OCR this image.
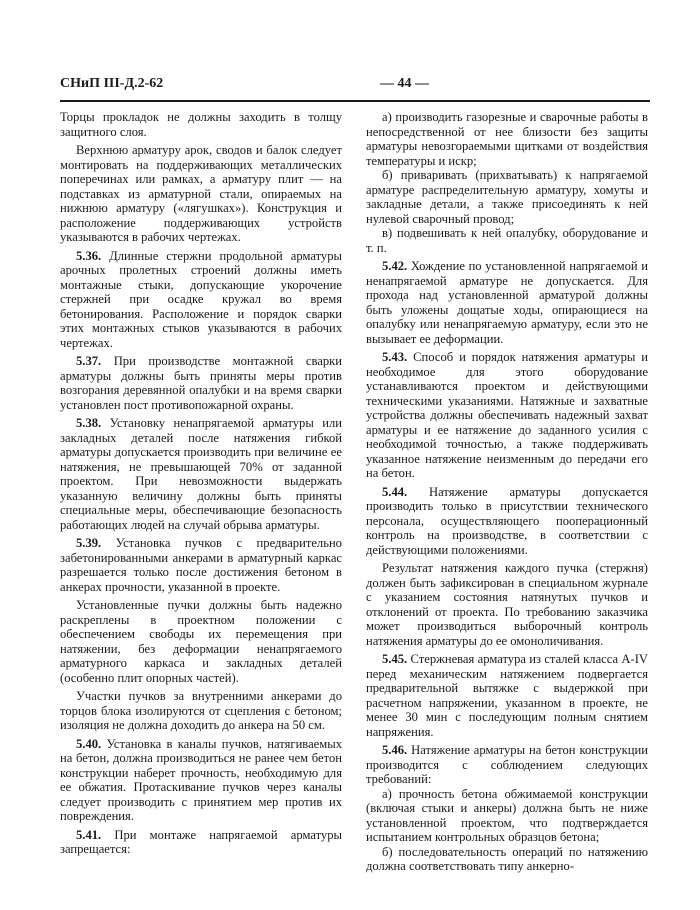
СНиП III-Д.2-62	— 44 —

Торцы прокладок не должны заходить в толщу защитного слоя.

Верхнюю арматуру арок, сводов и балок следует монтировать на поддерживающих металлических поперечинах или рамках, а арматуру плит — на подставках из арматурной стали, опираемых на нижнюю арматуру («лягушках»). Конструкция и расположение поддерживающих устройств указываются в рабочих чертежах.

5.36. Длинные стержни продольной арматуры арочных пролетных строений должны иметь монтажные стыки, допускающие укорочение стержней при осадке кружал во время бетонирования. Расположение и порядок сварки этих монтажных стыков указываются в рабочих чертежах.

5.37. При производстве монтажной сварки арматуры должны быть приняты меры против возгорания деревянной опалубки и на время сварки установлен пост противопожарной охраны.

5.38. Установку ненапрягаемой арматуры или закладных деталей после натяжения гибкой арматуры допускается производить при величине ее натяжения, не превышающей 70% от заданной проектом. При невозможности выдержать указанную величину должны быть приняты специальные меры, обеспечивающие безопасность работающих людей на случай обрыва арматуры.

5.39. Установка пучков с предварительно забетонированными анкерами в арматурный каркас разрешается только после достижения бетоном в анкерах прочности, указанной в проекте.

Установленные пучки должны быть надежно раскреплены в проектном положении с обеспечением свободы их перемещения при натяжении, без деформации ненапрягаемого арматурного каркаса и закладных деталей (особенно плит опорных частей).

Участки пучков за внутренними анкерами до торцов блока изолируются от сцепления с бетоном; изоляция не должна доходить до анкера на 50 см.

5.40. Установка в каналы пучков, натягиваемых на бетон, должна производиться не ранее чем бетон конструкции наберет прочность, необходимую для ее обжатия. Протаскивание пучков через каналы следует производить с принятием мер против их повреждения.

5.41. При монтаже напрягаемой арматуры запрещается:

а) производить газорезные и сварочные работы в непосредственной от нее близости без защиты арматуры невозгораемыми щитками от воздействия температуры и искр;

б) приваривать (прихватывать) к напрягаемой арматуре распределительную арматуру, хомуты и закладные детали, а также присоединять к ней нулевой сварочный провод;

в) подвешивать к ней опалубку, оборудование и т. п.

5.42. Хождение по установленной напрягаемой и ненапрягаемой арматуре не допускается. Для прохода над установленной арматурой должны быть уложены дощатые ходы, опирающиеся на опалубку или ненапрягаемую арматуру, если это не вызывает ее деформации.

5.43. Способ и порядок натяжения арматуры и необходимое для этого оборудование устанавливаются проектом и действующими техническими указаниями. Натяжные и захватные устройства должны обеспечивать надежный захват арматуры и ее натяжение до заданного усилия с необходимой точностью, а также поддерживать указанное натяжение неизменным до передачи его на бетон.

5.44. Натяжение арматуры допускается производить только в присутствии технического персонала, осуществляющего пооперационный контроль на производстве, в соответствии с действующими положениями.

Результат натяжения каждого пучка (стержня) должен быть зафиксирован в специальном журнале с указанием состояния натянутых пучков и отклонений от проекта. По требованию заказчика может производиться выборочный контроль натяжения арматуры до ее омоноличивания.

5.45. Стержневая арматура из сталей класса А-IV перед механическим натяжением подвергается предварительной вытяжке с выдержкой при расчетном напряжении, указанном в проекте, не менее 30 мин с последующим полным снятием напряжения.

5.46. Натяжение арматуры на бетон конструкции производится с соблюдением следующих требований:

а) прочность бетона обжимаемой конструкции (включая стыки и анкеры) должна быть не ниже установленной проектом, что подтверждается испытанием контрольных образцов бетона;

б) последовательность операций по натяжению должна соответствовать типу анкерно-
